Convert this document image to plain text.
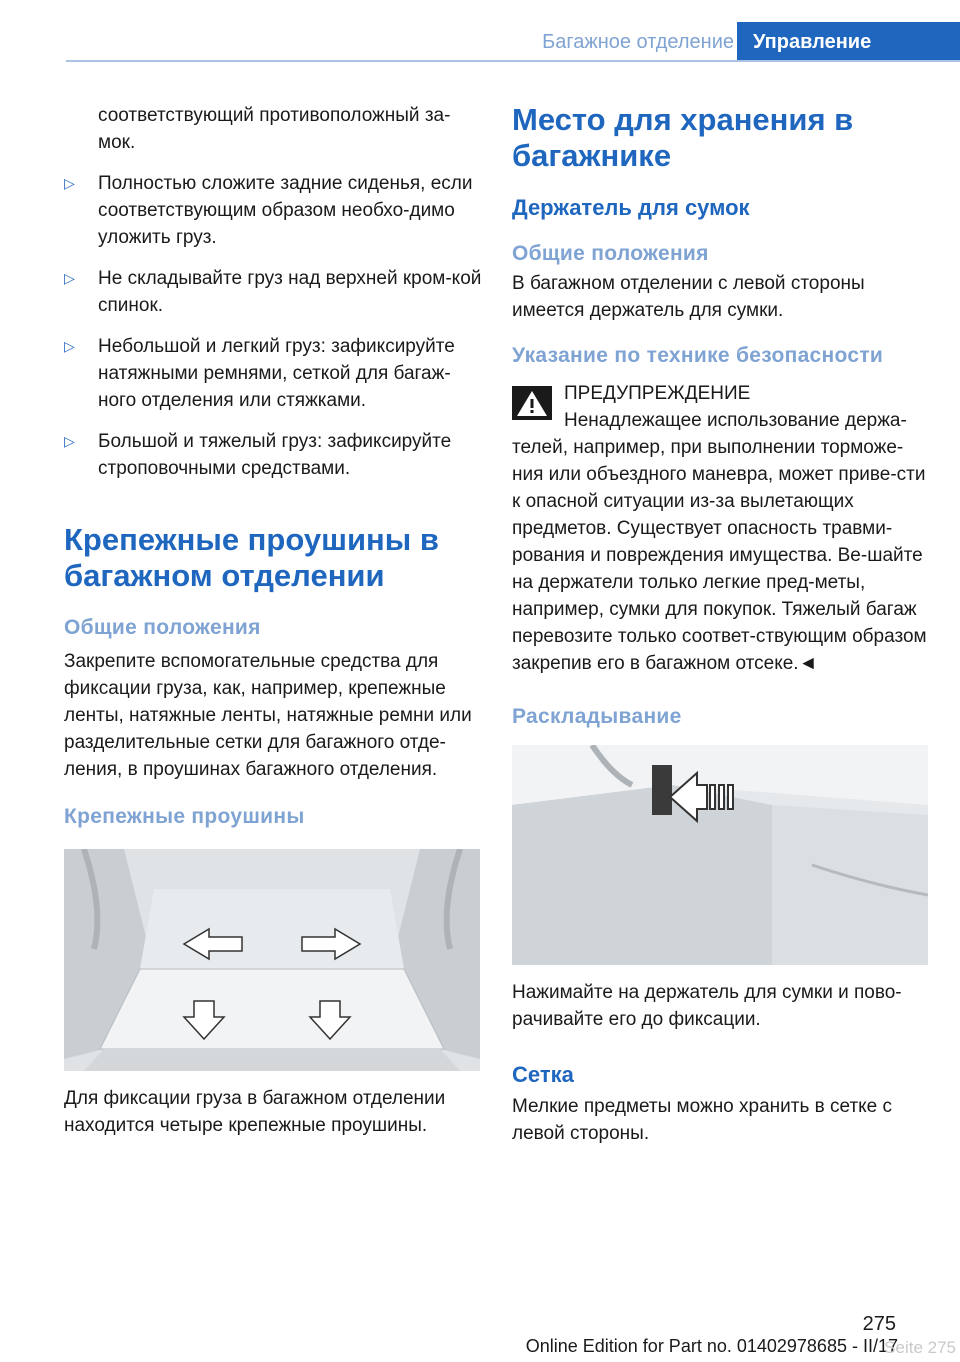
Багажное отделение Управление

соответствующий противоположный за-мок.

▷ Полностью сложите задние сиденья, если соответствующим образом необхо-димо уложить груз.
▷ Не складывайте груз над верхней кром-кой спинок.
▷ Небольшой и легкий груз: зафиксируйте натяжными ремнями, сеткой для багаж-ного отделения или стяжками.
▷ Большой и тяжелый груз: зафиксируйте строповочными средствами.
Крепежные проушины в багажном отделении
Общие положения

Закрепите вспомогательные средства для фиксации груза, как, например, крепежные ленты, натяжные ленты, натяжные ремни или разделительные сетки для багажного отде-ления, в проушинах багажного отделения.

Крепежные проушины

Для фиксации груза в багажном отделении находится четыре крепежные проушины.

Место для хранения в багажнике
Держатель для сумок
Общие положения

В багажном отделении с левой стороны имеется держатель для сумки.

Указание по технике безопасности
ПРЕДУПРЕЖДЕНИЕ
Ненадлежащее использование держа-телей, например, при выполнении торможе-ния или объездного маневра, может приве-сти к опасной ситуации из-за вылетающих предметов. Существует опасность травми-рования и повреждения имущества. Ве-шайте на держатели только легкие пред-меты, например, сумки для покупок. Тяжелый багаж перевозите только соответ-ствующим образом закрепив его в багажном отсеке.◄
Раскладывание

Нажимайте на держатель для сумки и пово-рачивайте его до фиксации.

Сетка

Мелкие предметы можно хранить в сетке с левой стороны.

275
Online Edition for Part no. 01402978685 - II/17
Seite 275
